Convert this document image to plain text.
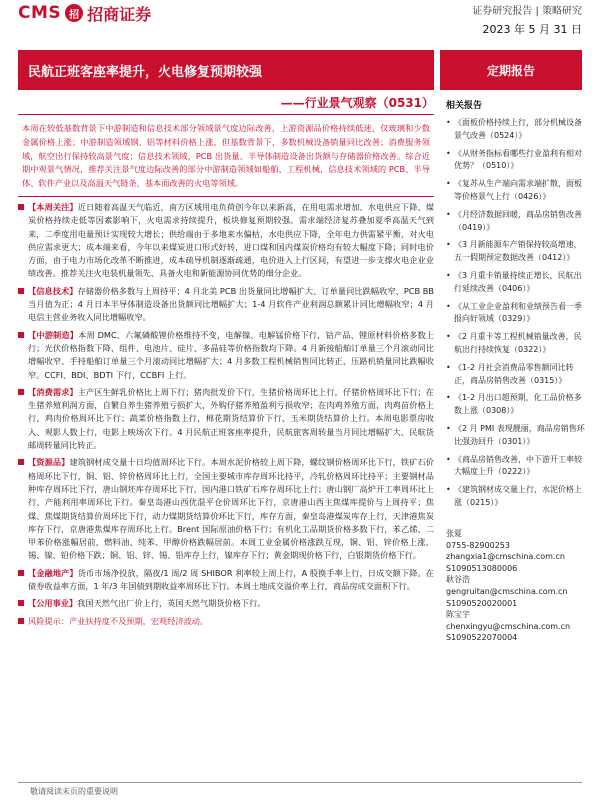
CMS 招 招商证券	证券研究报告 | 策略研究
2023 年 5 月 31 日
民航正班客座率提升，火电修复预期较强	定期报告
——行业景气观察（0531）

本周在较低基数背景下中游制造和信息技术部分领域景气度边际改善，上游资源品价格持续低迷，仅玻璃和少数金属价格上涨；中游制造领域钢、铝等材料价格上涨，但基数背景下，多数机械设备销量同比改善；消费服务领域，航空出行保持较高景气度；信息技术领域，PCB 出货量、半导体制造设备出货额与存储器价格改善。综合近期中观景气情况，推荐关注景气度边际改善的部分中游制造领域如船舶、工程机械，信息技术领域的 PCB、半导体、软件产业以及高温天气链条，基本面改善的火电等领域。

【本周关注】近日随着高温天气临近，南方区域用电负荷创今年以来新高，在用电需求增加、水电供应下降、煤炭价格持续走低等因素影响下，火电需求持续提升，板块修复预期较强。需求端经济复苏叠加夏季高温天气到来，二季度用电量预计实现较大增长；供给端由于多地来水偏枯，水电供应下降，全年电力供需紧平衡，对火电供应需求更大；成本端来看，今年以来煤炭进口形式好转，进口煤和国内煤炭价格均有较大幅度下降；同时电价方面，由于电力市场化改革不断推进，成本疏导机制逐渐疏通，电价进入上行区间，有望进一步支撑火电企业业绩改善。推荐关注火电装机量领先、具备火电和新能源协同优势的细分企业。
【信息技术】存储器价格多数与上周持平；4 月北美 PCB 出货量同比增幅扩大、订单量同比跌幅收窄、PCB BB 当月值为正；4 月日本半导体制造设备出货额同比增幅扩大；1-4 月软件产业利润总额累计同比增幅收窄；4 月电信主营业务收入同比增幅收窄。
【中游制造】本周 DMC、六氟磷酸锂价格维持不变，电解镍、电解锰价格下行，钴产品、锂原材料价格多数上行；光伏价格指数下降，组件、电池片、硅片、多晶硅等价格指数均下降。4 月新接船舶订单量三个月滚动同比增幅收窄、手持船舶订单量三个月滚动同比增幅扩大；4 月多数工程机械销售同比转正，压路机销量同比跌幅收窄。CCFI、BDI、BDTI 下行，CCBFI 上行。
【消费需求】主产区生鲜乳价格比上周下行；猪肉批发价下行，生猪价格周环比上行，仔猪价格周环比下行；在生猪养殖利润方面，自繁自养生猪养殖亏损扩大，外购仔猪养殖盈利亏损收窄；在肉鸡养殖方面，肉鸡苗价格上行，鸡肉价格周环比下行；蔬菜价格指数上行，棉花期货结算价下行，玉米期货结算价上行。本周电影票房收入、观影人数上行，电影上映场次下行。4 月民航正班客座率提升，民航旅客周转量当月同比增幅扩大、民航货邮周转量同比转正。
【资源品】建筑钢材成交量十日均值周环比下行。本周水泥价格较上周下降，螺纹钢价格周环比下行，铁矿石价格周环比下行，铜、铝、锌价格周环比上行，全国主要城市库存周环比持平，冷轧价格周环比持平；主要钢材品种库存周环比下行，唐山钢坯库存周环比下行，国内港口铁矿石库存周环比上行；唐山钢厂高炉开工率周环比上行、产能利用率周环比下行。秦皇岛港山西优混平仓价周环比下行，京唐港山西主焦煤库提价与上周持平；焦煤、焦煤期货结算价周环比下行，动力煤期货结算价环比下行，库存方面，秦皇岛港煤炭库存上行，天津港焦炭库存下行，京唐港焦煤库存周环比上行。Brent 国际原油价格下行；有机化工品期货价格多数下行，苯乙烯、二甲苯价格涨幅居前，燃料油、纯苯、甲醇价格跌幅居前。本周工业金属价格涨跌互现，铜、铝、锌价格上涨，锡、镍、铅价格下跌；铜、铝、锌、锡、铅库存上行，镍库存下行；黄金期现价格下行，白银期货价格下行。
【金融地产】货币市场净投放，隔夜/1 周/2 周 SHIBOR 利率较上周上行，A 股换手率上行，日成交额下降。在债券收益率方面，1 年/3 年国债到期收益率周环比下行。本周土地成交溢价率上行，商品房成交面积下行。
【公用事业】我国天然气出厂价上行，英国天然气期货价格下行。
风险提示：产业扶持度不及预期，宏观经济波动。
相关报告
• 《面板价格持续上行，部分机械设备景气改善（0524）》
• 《从财务指标看哪些行业盈利有相对优势？（0510）》
• 《复苏从生产端向需求端扩散，面板等价格景气上行（0426）》
• 《月经济数据回暖，商品房销售改善（0419）》
• 《3 月新能源车产销保持较高增速，五一假期预定数据改善（0412）》
• 《3 月重卡销量持续正增长，民航出行延续改善（0406）》
• 《从工业企业盈利和业绩预告看一季报向好领域（0329）》
• 《2 月重卡等工程机械销量改善，民航出行持续恢复（0322）》
• 《1-2 月社会消费品零售额同比转正，商品房销售改善（0315）》
• 《1-2 月出口超预期，化工品价格多数上涨（0308）》
• 《2 月 PMI 表现靓丽，商品房销售环比强劲回升（0301）》
• 《商品房销售改善，中下游开工率较大幅度上升（0222）》
• 《建筑钢材成交量上行，水泥价格上涨（0215）》
张夏
0755-82900253
zhangxia1@cmschina.com.cn
S1090513080006
耿谷浩
gengruitan@cmschina.com.cn
S1090520020001
陈宝宇
chenxingyu@cmschina.com.cn
S1090522070004
敬请阅读末页的重要说明
